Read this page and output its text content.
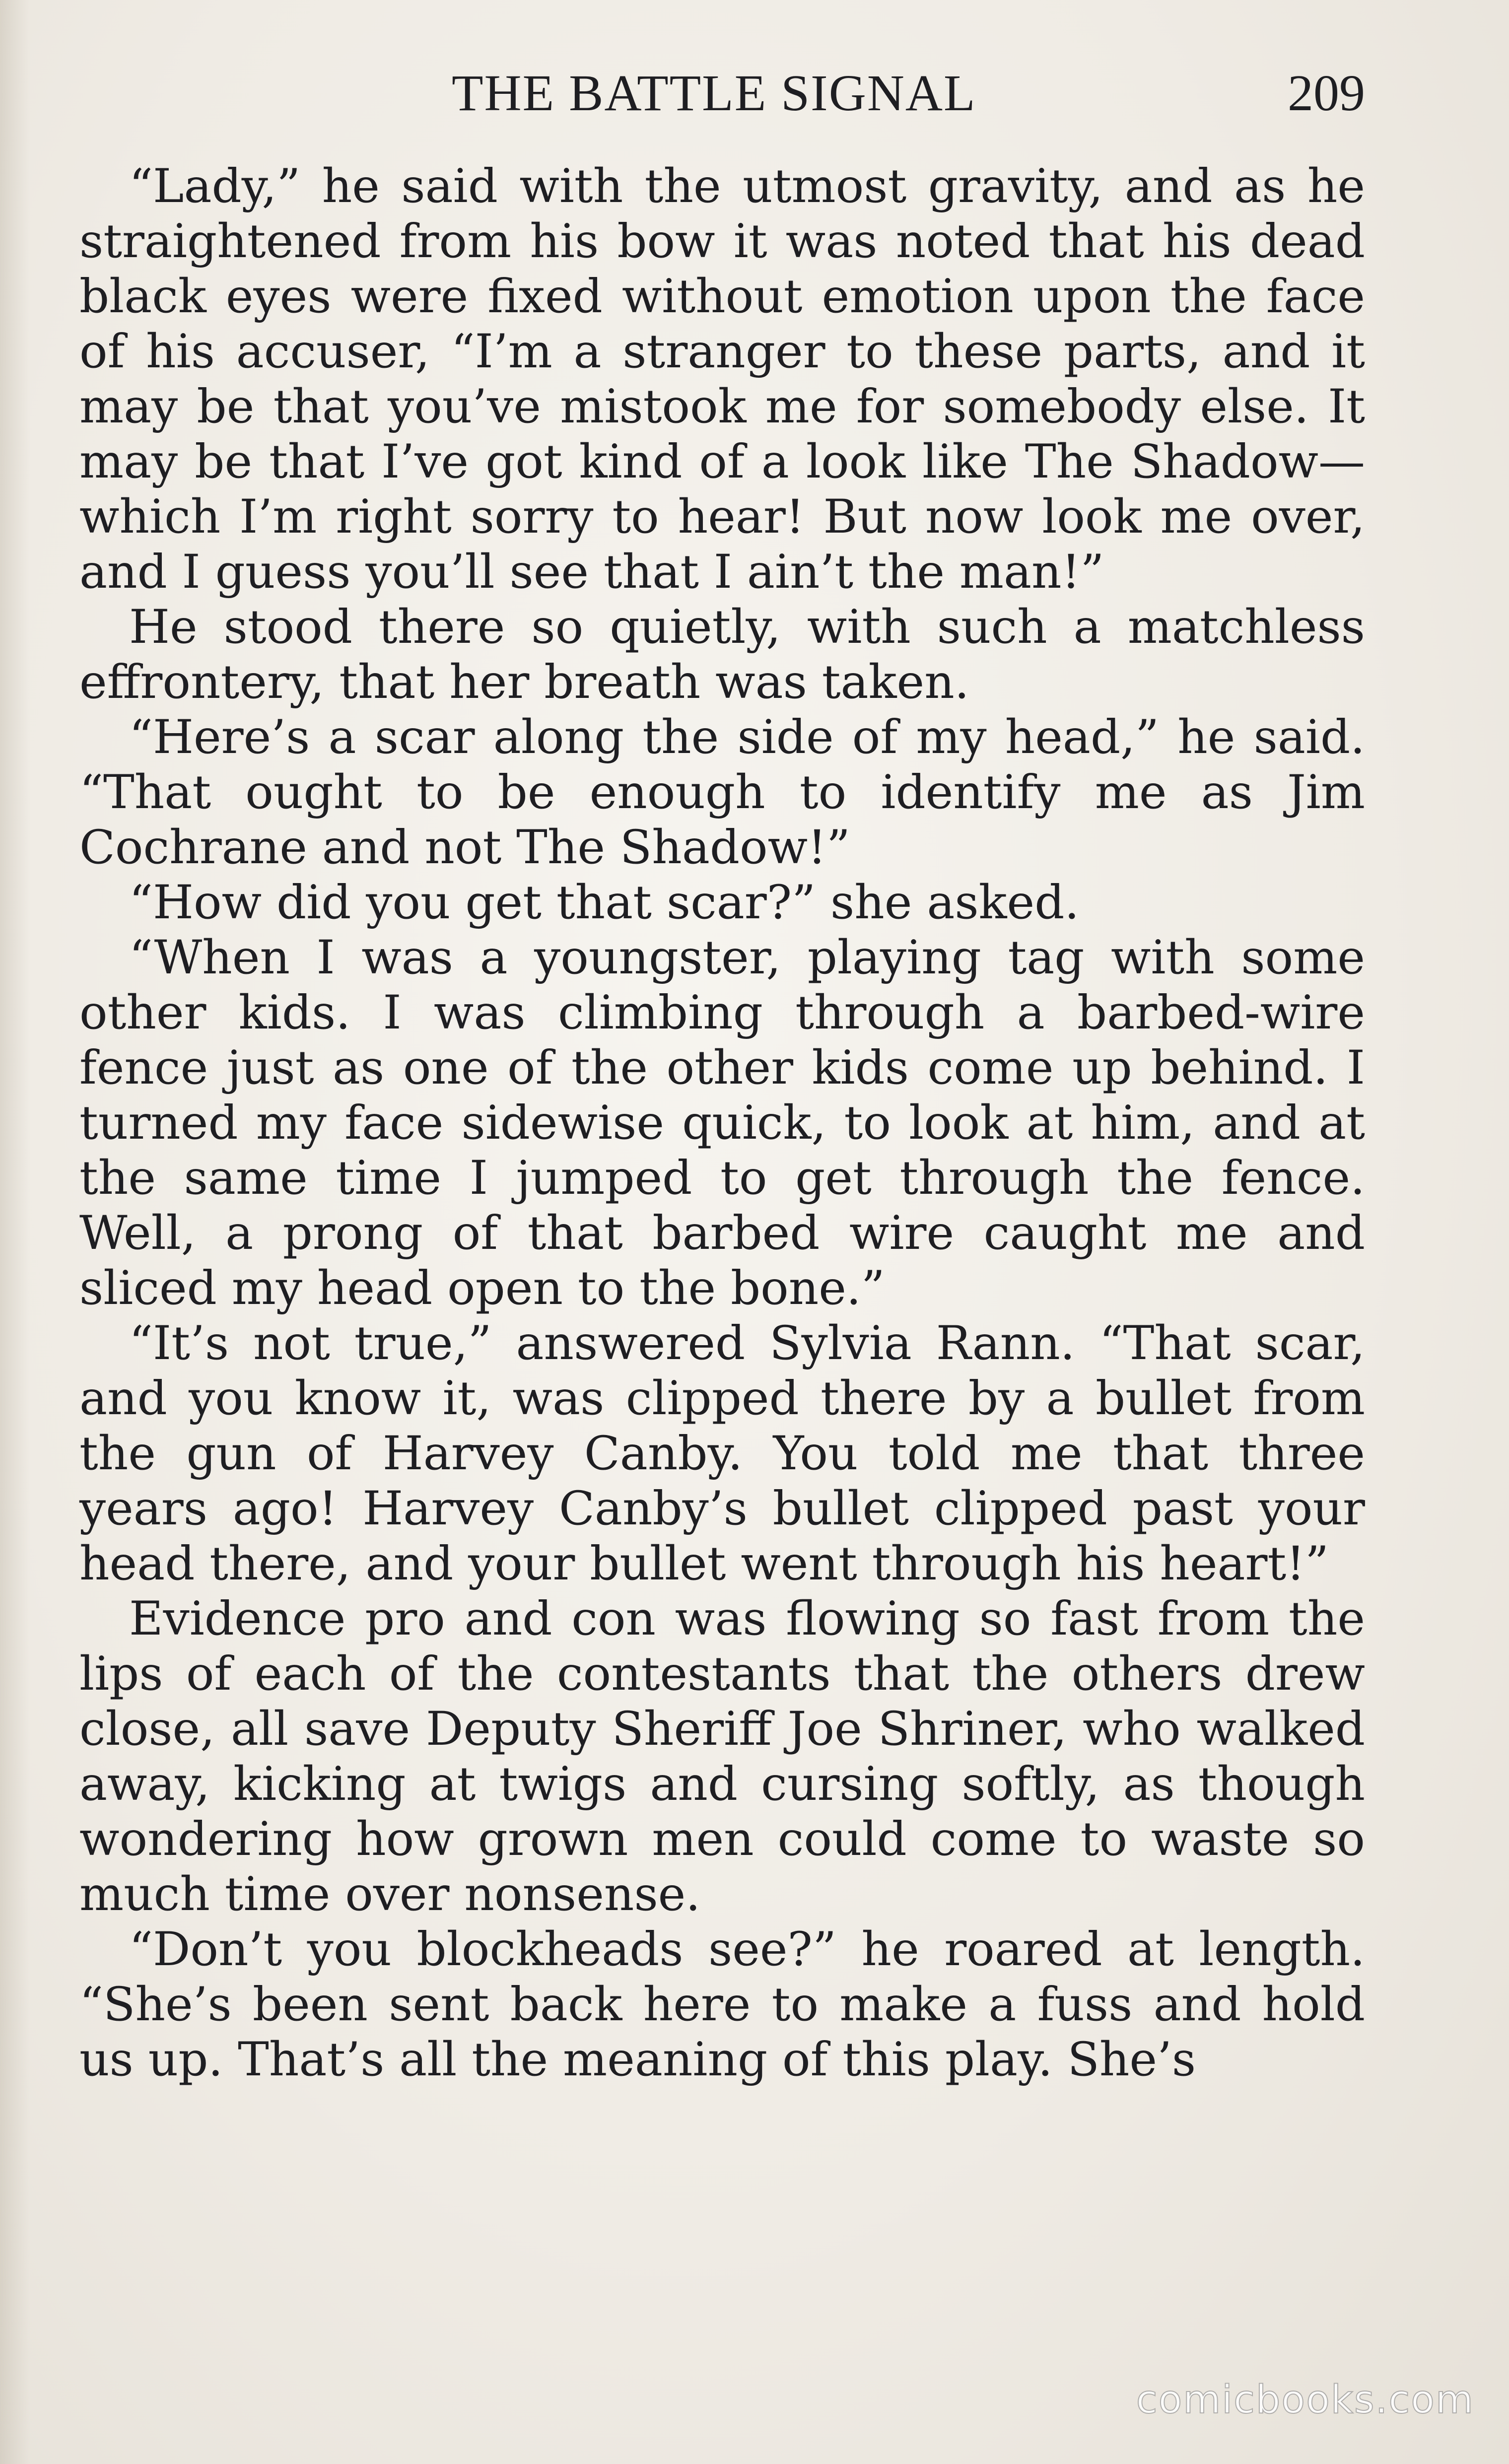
THE BATTLE SIGNAL	209

“Lady,” he said with the utmost gravity, and as he straightened from his bow it was noted that his dead black eyes were fixed without emotion upon the face of his accuser, “I’m a stranger to these parts, and it may be that you’ve mistook me for somebody else. It may be that I’ve got kind of a look like The Shadow—which I’m right sorry to hear! But now look me over, and I guess you’ll see that I ain’t the man!”

He stood there so quietly, with such a matchless effrontery, that her breath was taken.

“Here’s a scar along the side of my head,” he said. “That ought to be enough to identify me as Jim Cochrane and not The Shadow!”

“How did you get that scar?” she asked.

“When I was a youngster, playing tag with some other kids. I was climbing through a barbed-wire fence just as one of the other kids come up behind. I turned my face sidewise quick, to look at him, and at the same time I jumped to get through the fence. Well, a prong of that barbed wire caught me and sliced my head open to the bone.”

“It’s not true,” answered Sylvia Rann. “That scar, and you know it, was clipped there by a bullet from the gun of Harvey Canby. You told me that three years ago! Harvey Canby’s bullet clipped past your head there, and your bullet went through his heart!”

Evidence pro and con was flowing so fast from the lips of each of the contestants that the others drew close, all save Deputy Sheriff Joe Shriner, who walked away, kicking at twigs and cursing softly, as though wondering how grown men could come to waste so much time over nonsense.

“Don’t you blockheads see?” he roared at length. “She’s been sent back here to make a fuss and hold us up. That’s all the meaning of this play. She’s

comicbooks.com
